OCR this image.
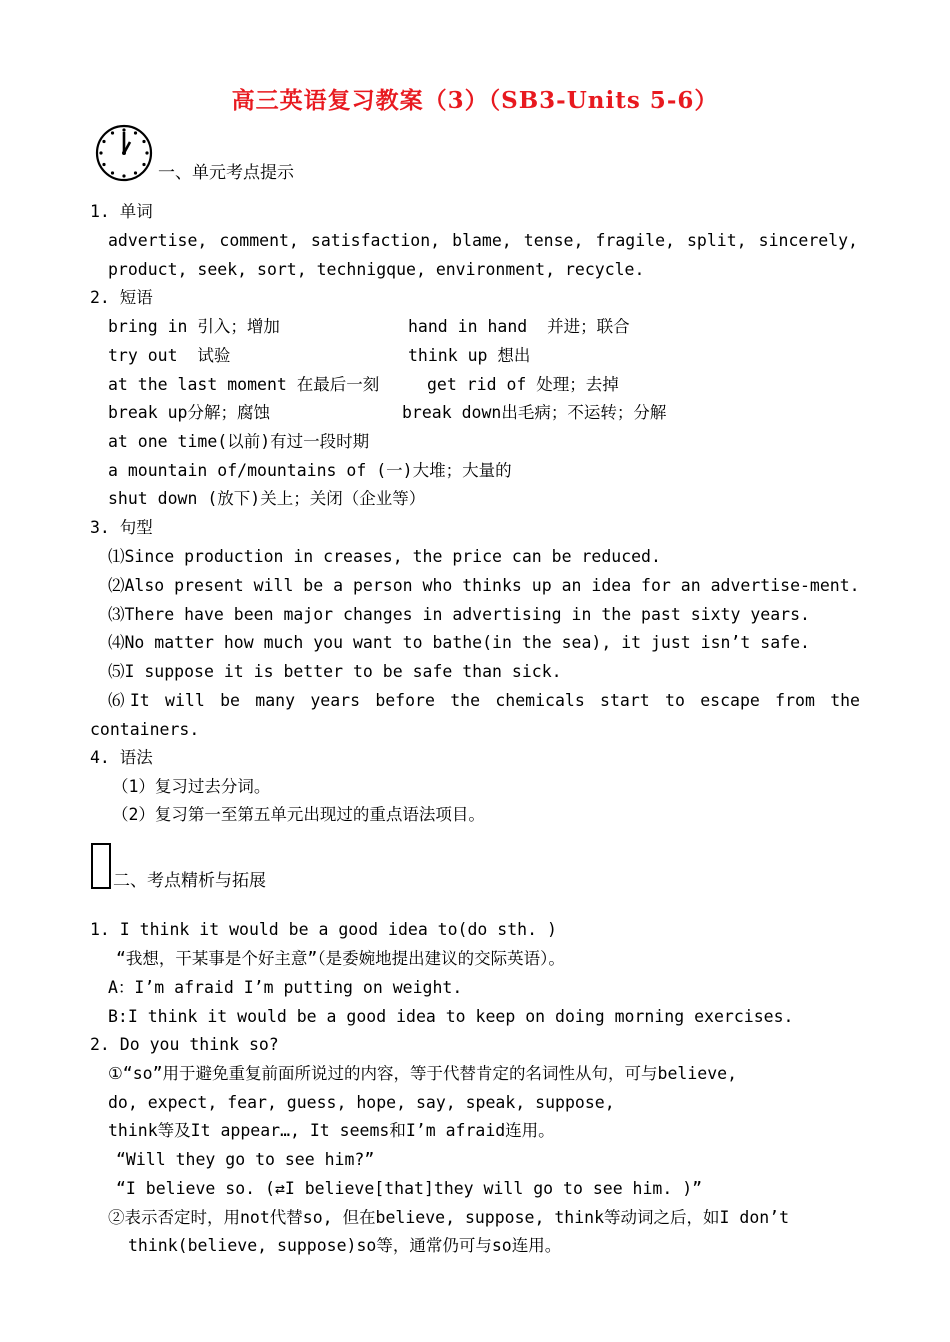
高三英语复习教案（3）（SB3-Units 5-6）
一、单元考点提示
1. 单词
advertise, comment, satisfaction, blame, tense, fragile, split, sincerely,
product, seek, sort, technigque, environment, recycle.
2. 短语
bring in 引入；增加	hand in hand  并进；联合
try out  试验	think up 想出
at the last moment 在最后一刻	get rid of 处理；去掉
break up分解；腐蚀	break down出毛病；不运转；分解
at one time(以前)有过一段时期
a mountain of/mountains of (一)大堆；大量的
shut down (放下)关上；关闭（企业等）
3. 句型
⑴Since production in creases, the price can be reduced.
⑵Also present will be a person who thinks up an idea for an advertise-ment.
⑶There have been major changes in advertising in the past sixty years.
⑷No matter how much you want to bathe(in the sea), it just isn’t safe.
⑸I suppose it is better to be safe than sick.
⑹It will be many years before the chemicals start to escape from the
containers.
4. 语法
（1）复习过去分词。
（2）复习第一至第五单元出现过的重点语法项目。
二、考点精析与拓展
1. I think it would be a good idea to(do sth. )
“我想，干某事是个好主意”（是委婉地提出建议的交际英语）。
A：I’m afraid I’m putting on weight.
B:I think it would be a good idea to keep on doing morning exercises.
2. Do you think so?
①“so”用于避免重复前面所说过的内容，等于代替肯定的名词性从句，可与believe,
do, expect, fear, guess, hope, say, speak, suppose,
think等及It appear…, It seems和I’m afraid连用。
“Will they go to see him?”
“I believe so. (⇄I believe[that]they will go to see him. )”
②表示否定时，用not代替so, 但在believe, suppose, think等动词之后，如I don’t
think(believe, suppose)so等，通常仍可与so连用。
